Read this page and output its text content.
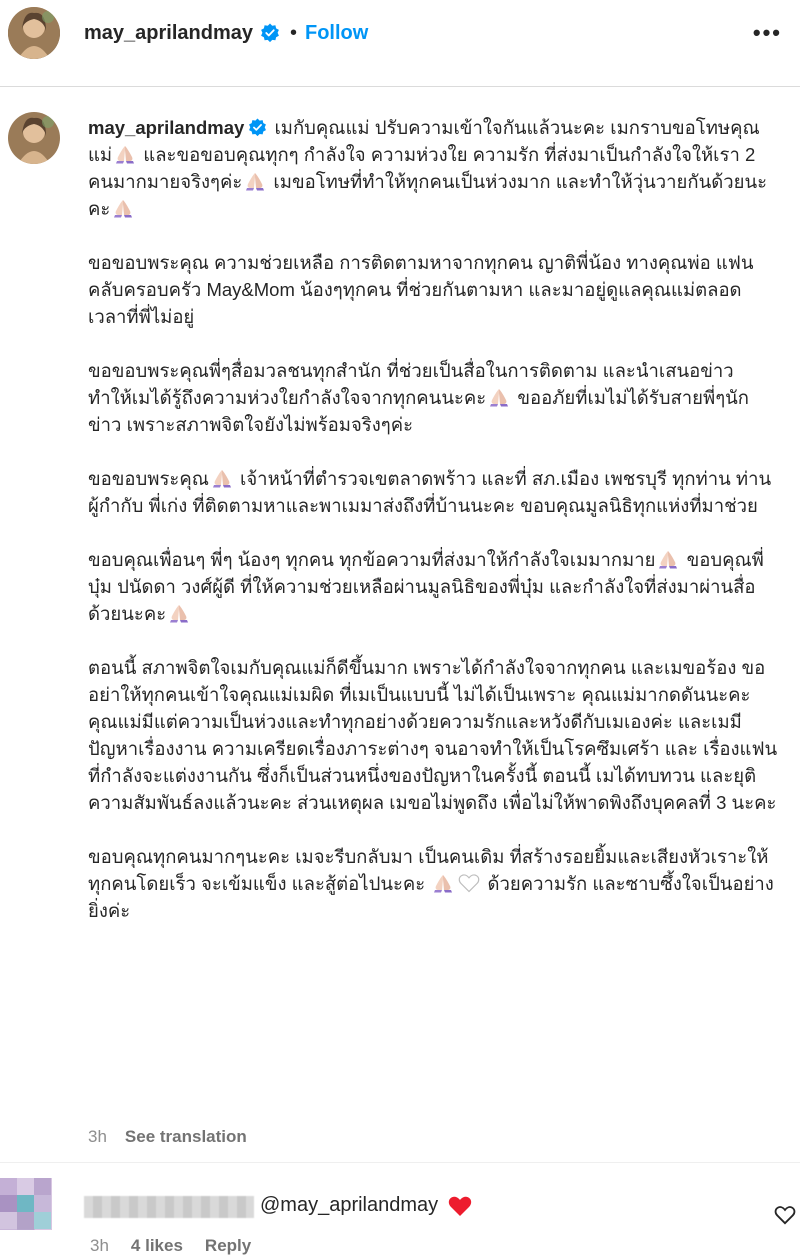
may_aprilandmay • Follow	•••
may_aprilandmay เมกับคุณแม่ ปรับความเข้าใจกันแล้วนะคะ เมกราบขอโทษคุณแม่ และขอขอบคุณทุกๆ กำลังใจ ความห่วงใย ความรัก ที่ส่งมาเป็นกำลังใจให้เรา 2 คนมากมายจริงๆค่ะ เมขอโทษที่ทำให้ทุกคนเป็นห่วงมาก และทำให้วุ่นวายกันด้วยนะคะ
ขอขอบพระคุณ ความช่วยเหลือ การติดตามหาจากทุกคน ญาติพี่น้อง ทางคุณพ่อ แฟนคลับครอบครัว May&Mom น้องๆทุกคน ที่ช่วยกันตามหา และมาอยู่ดูแลคุณแม่ตลอดเวลาที่พี่ไม่อยู่
ขอขอบพระคุณพี่ๆสื่อมวลชนทุกสำนัก ที่ช่วยเป็นสื่อในการติดตาม และนำเสนอข่าว ทำให้เมได้รู้ถึงความห่วงใยกำลังใจจากทุกคนนะคะ ขออภัยที่เมไม่ได้รับสายพี่ๆนักข่าว เพราะสภาพจิตใจยังไม่พร้อมจริงๆค่ะ
ขอขอบพระคุณ เจ้าหน้าที่ตำรวจเขตลาดพร้าว และที่ สภ.เมือง เพชรบุรี ทุกท่าน ท่านผู้กำกับ พี่เก่ง ที่ติดตามหาและพาเมมาส่งถึงที่บ้านนะคะ ขอบคุณมูลนิธิทุกแห่งที่มาช่วย
ขอบคุณเพื่อนๆ พี่ๆ น้องๆ ทุกคน ทุกข้อความที่ส่งมาให้กำลังใจเมมากมาย ขอบคุณพี่บุ๋ม ปนัดดา วงศ์ผู้ดี ที่ให้ความช่วยเหลือผ่านมูลนิธิของพี่บุ๋ม และกำลังใจที่ส่งมาผ่านสื่อด้วยนะคะ
ตอนนี้ สภาพจิตใจเมกับคุณแม่ก็ดีขึ้นมาก เพราะได้กำลังใจจากทุกคน และเมขอร้อง ขออย่าให้ทุกคนเข้าใจคุณแม่เมผิด ที่เมเป็นแบบนี้ ไม่ได้เป็นเพราะ คุณแม่มากดดันนะคะ คุณแม่มีแต่ความเป็นห่วงและทำทุกอย่างด้วยความรักและหวังดีกับเมเองค่ะ และเมมีปัญหาเรื่องงาน ความเครียดเรื่องภาระต่างๆ จนอาจทำให้เป็นโรคซึมเศร้า และ เรื่องแฟนที่กำลังจะแต่งงานกัน ซึ่งก็เป็นส่วนหนึ่งของปัญหาในครั้งนี้ ตอนนี้ เมได้ทบทวน และยุติความสัมพันธ์ลงแล้วนะคะ ส่วนเหตุผล เมขอไม่พูดถึง เพื่อไม่ให้พาดพิงถึงบุคคลที่ 3 นะคะ
ขอบคุณทุกคนมากๆนะคะ เมจะรีบกลับมา เป็นคนเดิม ที่สร้างรอยยิ้มและเสียงหัวเราะให้ทุกคนโดยเร็ว จะเข้มแข็ง และสู้ต่อไปนะคะ	ด้วยความรัก และซาบซึ้งใจเป็นอย่างยิ่งค่ะ
3h See translation
@may_aprilandmay
3h 4 likes Reply
